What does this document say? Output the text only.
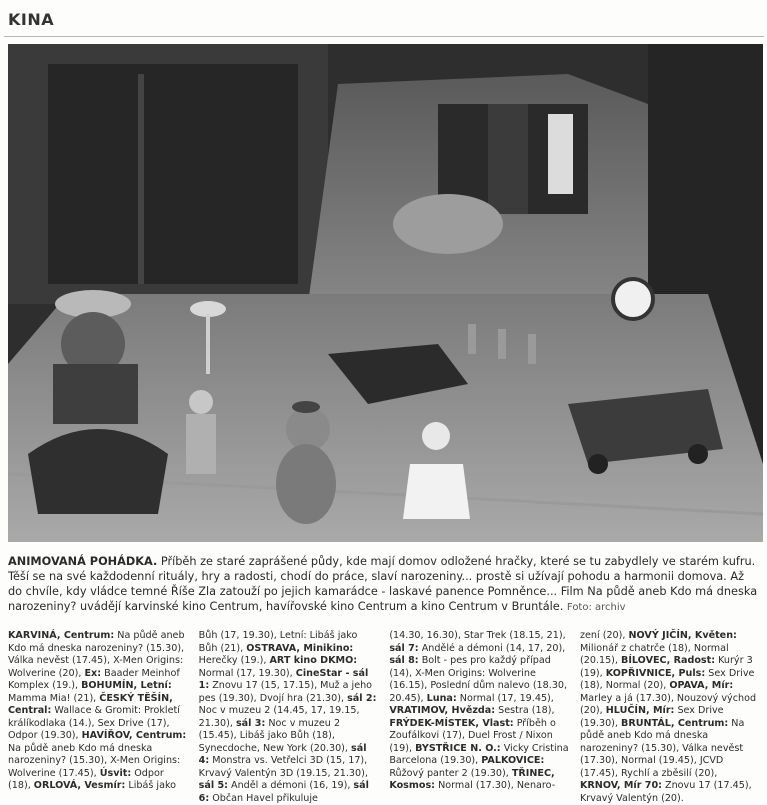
KINA
ANIMOVANÁ POHÁDKA. Příběh ze staré zaprášené půdy, kde mají domov odložené hračky, které se tu zabydlely ve starém kufru. Těší se na své každodenní rituály, hry a radosti, chodí do práce, slaví narozeniny... prostě si užívají pohodu a harmonii domova. Až do chvíle, kdy vládce temné Říše Zla zatouží po jejich kamarádce - laskavé panence Pomněnce... Film Na půdě aneb Kdo má dneska narozeniny? uvádějí karvinské kino Centrum, havířovské kino Centrum a kino Centrum v Bruntále. Foto: archiv
KARVINÁ, Centrum: Na půdě aneb Kdo má dneska narozeniny? (15.30), Válka nevěst (17.45), X-Men Origins: Wolverine (20), Ex: Baader Meinhof Komplex (19.), BOHUMÍN, Letní: Mamma Mia! (21), ČESKÝ TĚŠÍN, Central: Wallace & Gromit: Prokletí králíkodlaka (14.), Sex Drive (17), Odpor (19.30), HAVÍŘOV, Centrum: Na půdě aneb Kdo má dneska narozeniny? (15.30), X-Men Origins: Wolverine (17.45), Úsvit: Odpor (18), ORLOVÁ, Vesmír: Libáš jako
Bůh (17, 19.30), Letní: Libáš jako Bůh (21), OSTRAVA, Minikino: Herečky (19.), ART kino DKMO: Normal (17, 19.30), CineStar - sál 1: Znovu 17 (15, 17.15), Muž a jeho pes (19.30), Dvojí hra (21.30), sál 2: Noc v muzeu 2 (14.45, 17, 19.15, 21.30), sál 3: Noc v muzeu 2 (15.45), Libáš jako Bůh (18), Synecdoche, New York (20.30), sál 4: Monstra vs. Vetřelci 3D (15, 17), Krvavý Valentýn 3D (19.15, 21.30), sál 5: Anděl a démoni (16, 19), sál 6: Občan Havel přikuluje
(14.30, 16.30), Star Trek (18.15, 21), sál 7: Andělé a démoni (14, 17, 20), sál 8: Bolt - pes pro každý případ (14), X-Men Origins: Wolverine (16.15), Poslední dům nalevo (18.30, 20.45), Luna: Normal (17, 19.45), VRATIMOV, Hvězda: Sestra (18), FRÝDEK-MÍSTEK, Vlast: Příběh o Zoufálkovi (17), Duel Frost / Nixon (19), BYSTŘICE N. O.: Vicky Cristina Barcelona (19.30), PALKOVICE: Růžový panter 2 (19.30), TŘINEC, Kosmos: Normal (17.30), Nenaro-
zení (20), NOVÝ JIČÍN, Květen: Milionář z chatrče (18), Normal (20.15), BÍLOVEC, Radost: Kurýr 3 (19), KOPŘIVNICE, Puls: Sex Drive (18), Normal (20), OPAVA, Mír: Marley a já (17.30), Nouzový východ (20), HLUČÍN, Mír: Sex Drive (19.30), BRUNTÁL, Centrum: Na půdě aneb Kdo má dneska narozeniny? (15.30), Válka nevěst (17.30), Normal (19.45), JCVD (17.45), Rychlí a zběsilí (20), KRNOV, Mír 70: Znovu 17 (17.45), Krvavý Valentýn (20).
